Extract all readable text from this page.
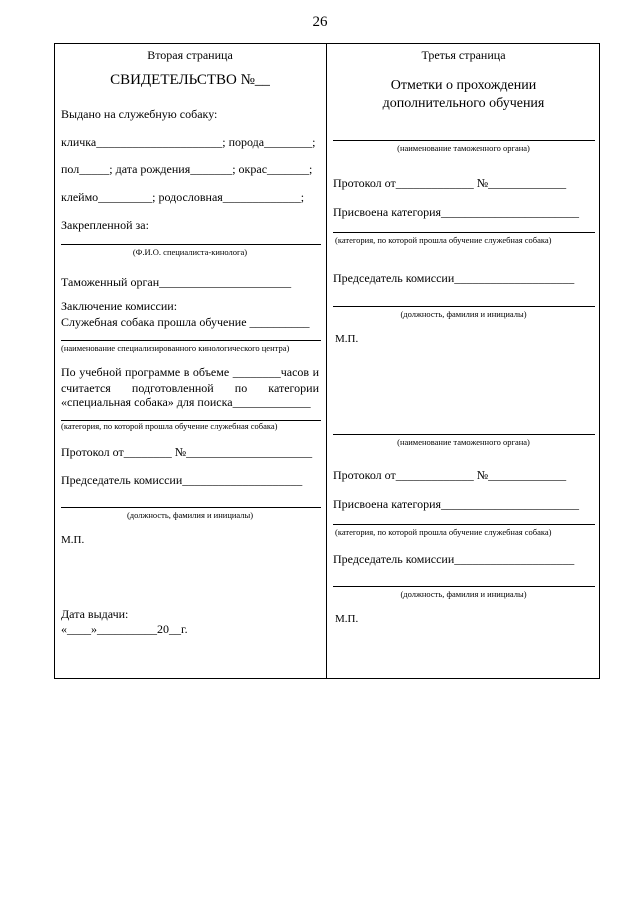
26
Вторая страница
СВИДЕТЕЛЬСТВО №__
Выдано на служебную собаку:
кличка_____________________; порода________;
пол_____; дата рождения_______; окрас_______;
клеймо_________; родословная_____________;
Закрепленной за:
(Ф.И.О. специалиста-кинолога)
Таможенный орган______________________
Заключение комиссии:
Служебная собака прошла обучение __________
(наименование специализированного кинологического центра)
По учебной программе в объеме ________часов и
считается подготовленной по категории
«специальная собака» для поиска_____________
(категория, по которой прошла обучение служебная собака)
Протокол от________ №_____________________
Председатель комиссии____________________
(должность, фамилия и инициалы)
М.П.
Дата выдачи:
«____»__________20__г.
Третья страница
Отметки о прохождении
дополнительного обучения
(наименование таможенного органа)
Протокол от_____________ №_____________
Присвоена категория_______________________
(категория, по которой прошла обучение служебная собака)
Председатель комиссии____________________
(должность, фамилия и инициалы)
М.П.
(наименование таможенного органа)
Протокол от_____________ №_____________
Присвоена категория_______________________
(категория, по которой прошла обучение служебная собака)
Председатель комиссии____________________
(должность, фамилия и инициалы)
М.П.
